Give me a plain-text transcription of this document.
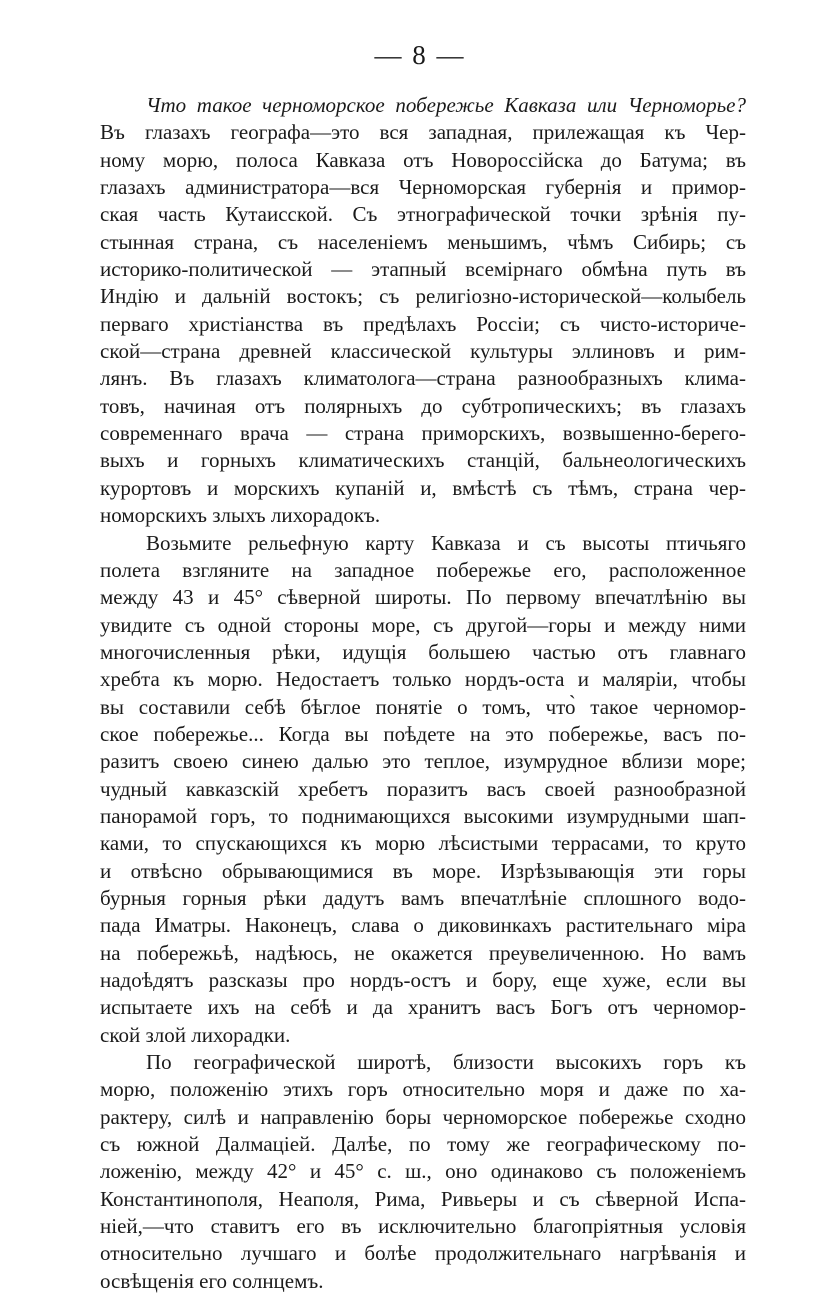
— 8 —
Что такое черноморское побережье Кавказа или Черноморье?
Въ глазахъ географа—это вся западная, прилежащая къ Чер-
ному морю, полоса Кавказа отъ Новороссійска до Батума; въ
глазахъ администратора—вся Черноморская губернія и примор-
ская часть Кутаисской. Съ этнографической точки зрѣнія пу-
стынная страна, съ населеніемъ меньшимъ, чѣмъ Сибирь; съ
историко-политической — этапный всемірнаго обмѣна путь въ
Индію и дальній востокъ; съ религіозно-исторической—колыбель
перваго христіанства въ предѣлахъ Россіи; съ чисто-историче-
ской—страна древней классической культуры эллиновъ и рим-
лянъ. Въ глазахъ климатолога—страна разнообразныхъ клима-
товъ, начиная отъ полярныхъ до субтропическихъ; въ глазахъ
современнаго врача — страна приморскихъ, возвышенно-берего-
выхъ и горныхъ климатическихъ станцій, бальнеологическихъ
курортовъ и морскихъ купаній и, вмѣстѣ съ тѣмъ, страна чер-
номорскихъ злыхъ лихорадокъ.
Возьмите рельефную карту Кавказа и съ высоты птичьяго
полета взгляните на западное побережье его, расположенное
между 43 и 45° сѣверной широты. По первому впечатлѣнію вы
увидите съ одной стороны море, съ другой—горы и между ними
многочисленныя рѣки, идущія большею частью отъ главнаго
хребта къ морю. Недостаетъ только нордъ-оста и маляріи, чтобы
вы составили себѣ бѣглое понятіе о томъ, что̀ такое черномор-
ское побережье... Когда вы поѣдете на это побережье, васъ по-
разитъ своею синею далью это теплое, изумрудное вблизи море;
чудный кавказскій хребетъ поразитъ васъ своей разнообразной
панорамой горъ, то поднимающихся высокими изумрудными шап-
ками, то спускающихся къ морю лѣсистыми террасами, то круто
и отвѣсно обрывающимися въ море. Изрѣзывающія эти горы
бурныя горныя рѣки дадутъ вамъ впечатлѣніе сплошного водо-
пада Иматры. Наконецъ, слава о диковинкахъ растительнаго міра
на побережьѣ, надѣюсь, не окажется преувеличенною. Но вамъ
надоѣдятъ разсказы про нордъ-остъ и бору, еще хуже, если вы
испытаете ихъ на себѣ и да хранитъ васъ Богъ отъ черномор-
ской злой лихорадки.
По географической широтѣ, близости высокихъ горъ къ
морю, положенію этихъ горъ относительно моря и даже по ха-
рактеру, силѣ и направленію боры черноморское побережье сходно
съ южной Далмаціей. Далѣе, по тому же географическому по-
ложенію, между 42° и 45° с. ш., оно одинаково съ положеніемъ
Константинополя, Неаполя, Рима, Ривьеры и съ сѣверной Испа-
ніей,—что ставитъ его въ исключительно благопріятныя условія
относительно лучшаго и болѣе продолжительнаго нагрѣванія и
освѣщенія его солнцемъ.
